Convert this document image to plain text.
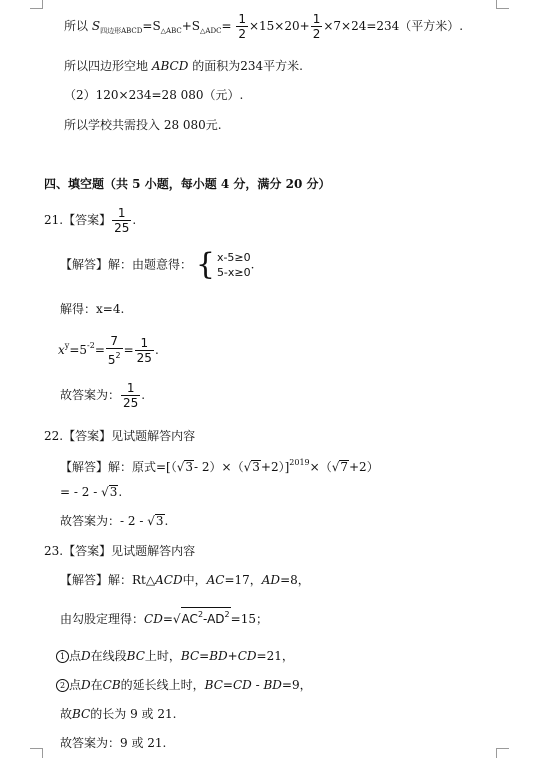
所以 $S_{四边形ABCD}=S_{\triangle ABC}+S_{\triangle ADC}= \frac{1}{2} \times 15\times 20+ \frac{1}{2} \times 7\times 24=234$（平方米）.
所以四边形空地 ABCD 的面积为234平方米.
（2）120×234=28 080（元）.
所以学校共需投入 28 080元.
四、填空题（共 5 小题，每小题 4 分，满分 20 分）
21.【答案】 $\frac{1}{25}$ .
【解答】解：由题意得： { x-5≥0
5-x≥0
.
解得：x=4.
$x^y=5^{-2}= \frac{7}{5^2} = \frac{1}{25}$ .
故答案为： $\frac{1}{25}$ .
22.【答案】见试题解答内容
【解答】解：原式=[（√3- 2）×（√3+2）]$^{2019}$×（√7+2）
= - 2 - √3.
故答案为：- 2 - √3.
23.【答案】见试题解答内容
【解答】解：Rt△ACD中，AC=17，AD=8，
由勾股定理得：$CD=√AC^2-AD^2=15$；
1 点D在线段BC上时，BC=BD+CD=21，
2 点D在CB的延长线上时，BC=CD - BD=9，
故BC的长为 9 或 21.
故答案为：9 或 21.
